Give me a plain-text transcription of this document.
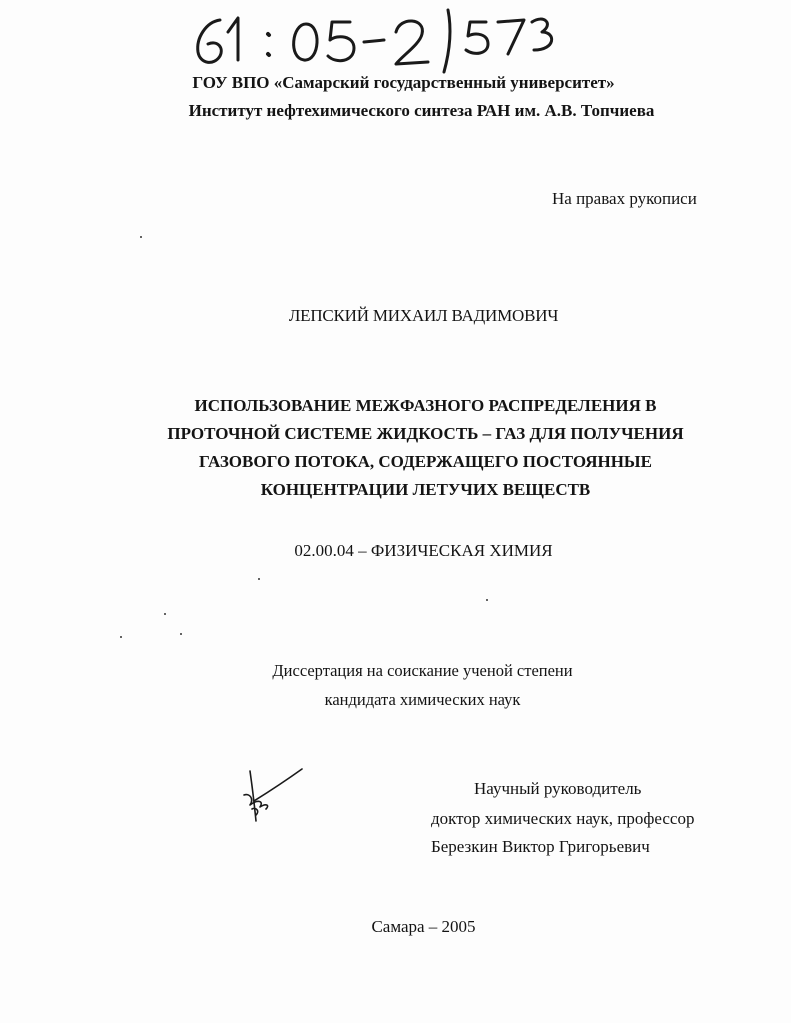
ГОУ ВПО «Самарский государственный университет»
Институт нефтехимического синтеза РАН им. А.В. Топчиева
На правах рукописи
ЛЕПСКИЙ МИХАИЛ ВАДИМОВИЧ
ИСПОЛЬЗОВАНИЕ МЕЖФАЗНОГО РАСПРЕДЕЛЕНИЯ В
ПРОТОЧНОЙ СИСТЕМЕ ЖИДКОСТЬ – ГАЗ ДЛЯ ПОЛУЧЕНИЯ
ГАЗОВОГО ПОТОКА, СОДЕРЖАЩЕГО ПОСТОЯННЫЕ
КОНЦЕНТРАЦИИ ЛЕТУЧИХ ВЕЩЕСТВ
02.00.04 – ФИЗИЧЕСКАЯ ХИМИЯ
Диссертация на соискание ученой степени
кандидата химических наук
Научный руководитель
доктор химических наук, профессор
Березкин Виктор Григорьевич
Самара – 2005
